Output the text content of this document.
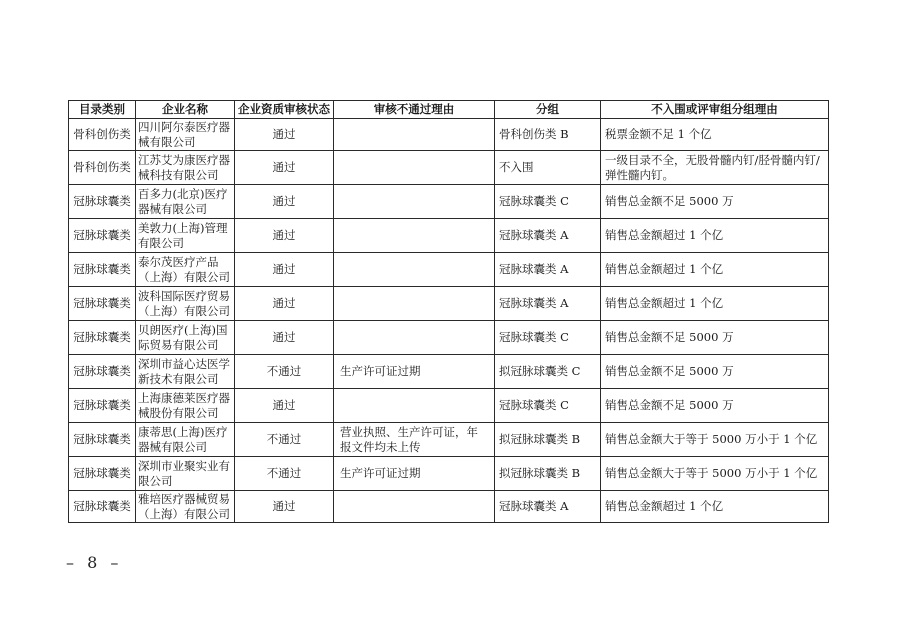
目录类别	企业名称	企业资质审核状态	审核不通过理由	分组	不入围或评审组分组理由
骨科创伤类	四川阿尔泰医疗器械有限公司	通过		骨科创伤类 B	税票金额不足 1 个亿
骨科创伤类	江苏艾为康医疗器械科技有限公司	通过		不入围	一级目录不全，无股骨髓内钉/胫骨髓内钉/弹性髓内钉。
冠脉球囊类	百多力(北京)医疗器械有限公司	通过		冠脉球囊类 C	销售总金额不足 5000 万
冠脉球囊类	美敦力(上海)管理有限公司	通过		冠脉球囊类 A	销售总金额超过 1 个亿
冠脉球囊类	泰尔茂医疗产品（上海）有限公司	通过		冠脉球囊类 A	销售总金额超过 1 个亿
冠脉球囊类	波科国际医疗贸易（上海）有限公司	通过		冠脉球囊类 A	销售总金额超过 1 个亿
冠脉球囊类	贝朗医疗(上海)国际贸易有限公司	通过		冠脉球囊类 C	销售总金额不足 5000 万
冠脉球囊类	深圳市益心达医学新技术有限公司	不通过	生产许可证过期	拟冠脉球囊类 C	销售总金额不足 5000 万
冠脉球囊类	上海康德莱医疗器械股份有限公司	通过		冠脉球囊类 C	销售总金额不足 5000 万
冠脉球囊类	康蒂思(上海)医疗器械有限公司	不通过	营业执照、生产许可证，年报文件均未上传	拟冠脉球囊类 B	销售总金额大于等于 5000 万小于 1 个亿
冠脉球囊类	深圳市业聚实业有限公司	不通过	生产许可证过期	拟冠脉球囊类 B	销售总金额大于等于 5000 万小于 1 个亿
冠脉球囊类	雅培医疗器械贸易（上海）有限公司	通过		冠脉球囊类 A	销售总金额超过 1 个亿
– 8 –
